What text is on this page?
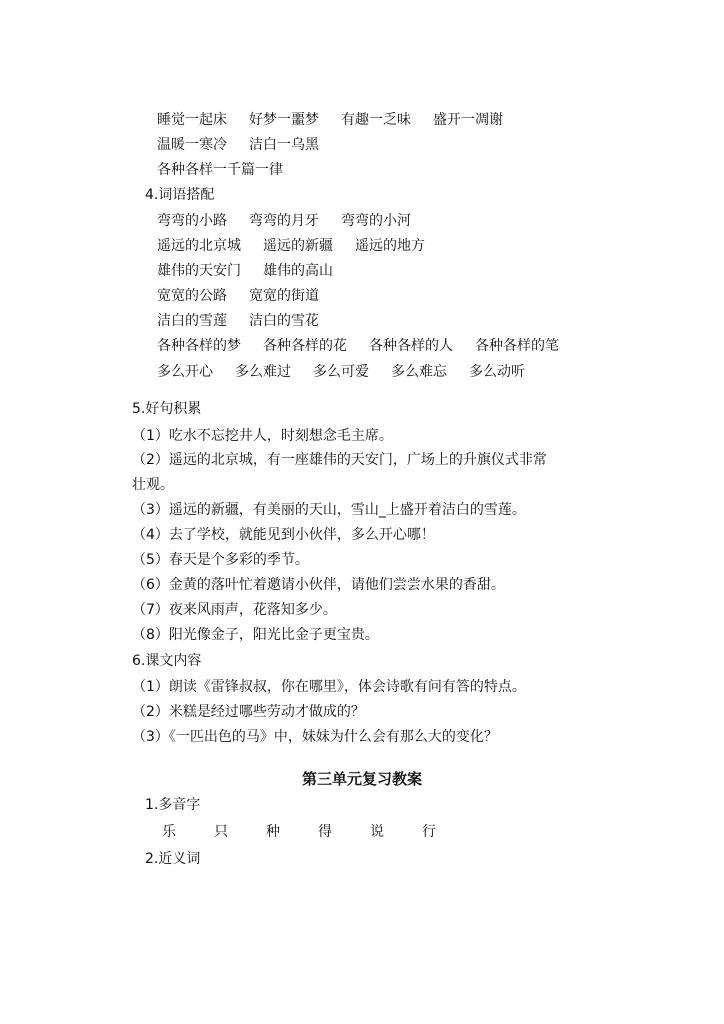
睡觉一起床 好梦一噩梦 有趣一乏味 盛开一凋谢
温暖一寒冷 洁白一乌黑
各种各样一千篇一律
4.词语搭配
弯弯的小路 弯弯的月牙 弯弯的小河
遥远的北京城 遥远的新疆 遥远的地方
雄伟的天安门 雄伟的高山
宽宽的公路 宽宽的街道
洁白的雪莲 洁白的雪花
各种各样的梦 各种各样的花 各种各样的人 各种各样的笔
多么开心 多么难过 多么可爱 多么难忘 多么动听
5.好句积累
（1）吃水不忘挖井人，时刻想念毛主席。
（2）遥远的北京城，有一座雄伟的天安门，广场上的升旗仪式非常
壮观。
（3）遥远的新疆，有美丽的天山，雪山_上盛开着洁白的雪莲。
（4）去了学校，就能见到小伙伴，多么开心哪！
（5）春天是个多彩的季节。
（6）金黄的落叶忙着邀请小伙伴，请他们尝尝水果的香甜。
（7）夜来风雨声，花落知多少。
（8）阳光像金子，阳光比金子更宝贵。
6.课文内容
（1）朗读《雷锋叔叔，你在哪里》，体会诗歌有问有答的特点。
（2）米糕是经过哪些劳动才做成的？
（3）《一匹出色的马》中，妹妹为什么会有那么大的变化？
第三单元复习教案
1.多音字
乐	只	种	得	说	行
2.近义词
